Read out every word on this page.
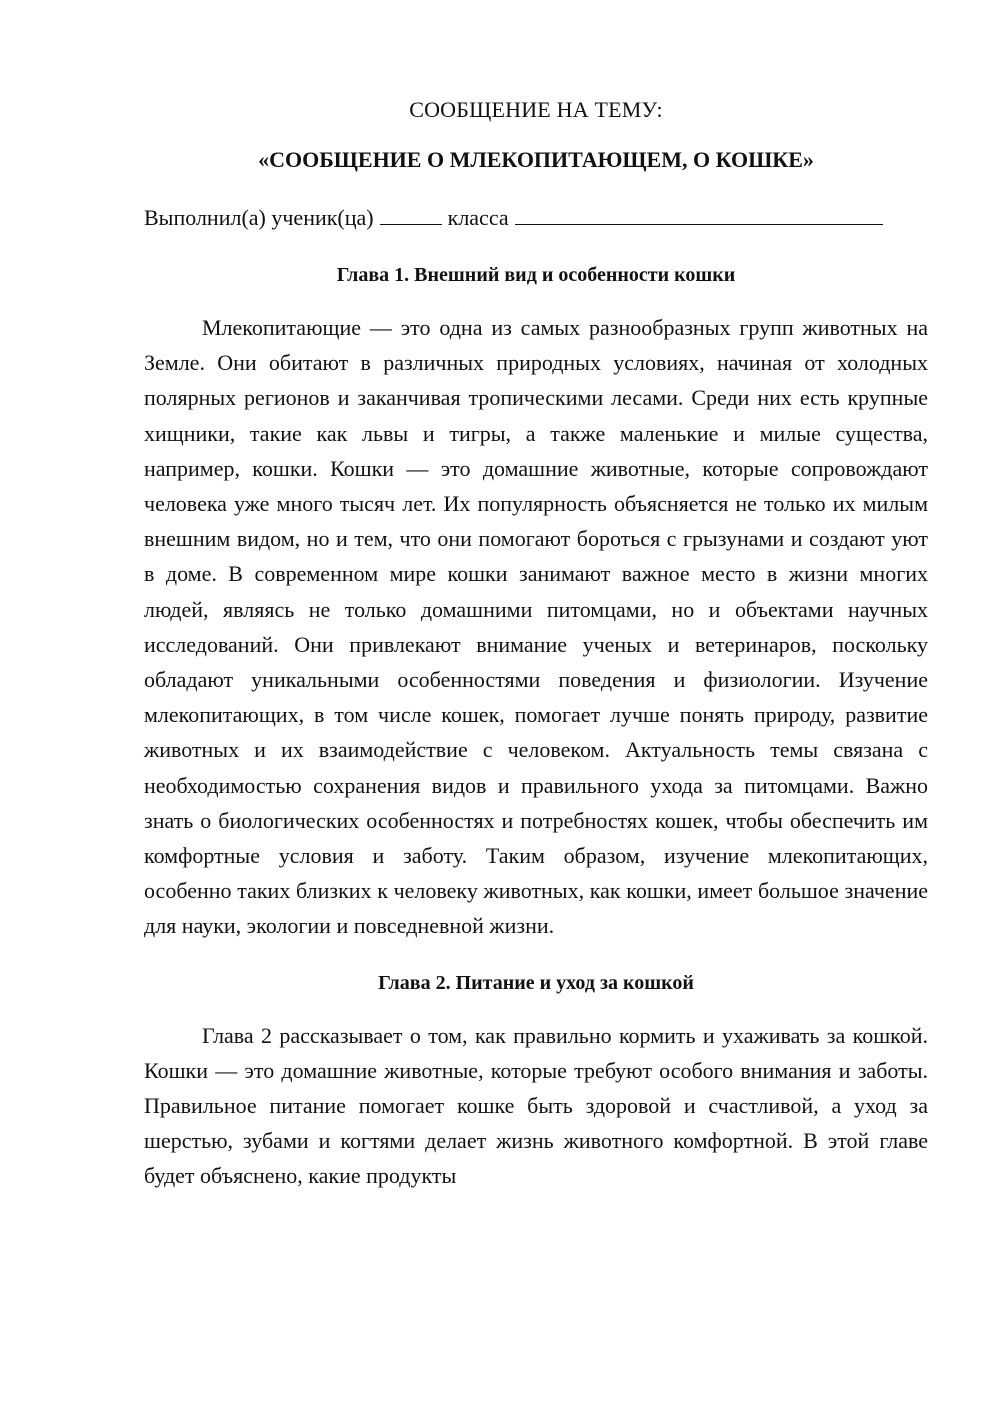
СООБЩЕНИЕ НА ТЕМУ:
«СООБЩЕНИЕ О МЛЕКОПИТАЮЩЕМ, О КОШКЕ»
Выполнил(а) ученик(ца)	класса
Глава 1. Внешний вид и особенности кошки

Млекопитающие — это одна из самых разнообразных групп животных на Земле. Они обитают в различных природных условиях, начиная от холодных полярных регионов и заканчивая тропическими лесами. Среди них есть крупные хищники, такие как львы и тигры, а также маленькие и милые существа, например, кошки. Кошки — это домашние животные, которые сопровождают человека уже много тысяч лет. Их популярность объясняется не только их милым внешним видом, но и тем, что они помогают бороться с грызунами и создают уют в доме. В современном мире кошки занимают важное место в жизни многих людей, являясь не только домашними питомцами, но и объектами научных исследований. Они привлекают внимание ученых и ветеринаров, поскольку обладают уникальными особенностями поведения и физиологии. Изучение млекопитающих, в том числе кошек, помогает лучше понять природу, развитие животных и их взаимодействие с человеком. Актуальность темы связана с необходимостью сохранения видов и правильного ухода за питомцами. Важно знать о биологических особенностях и потребностях кошек, чтобы обеспечить им комфортные условия и заботу. Таким образом, изучение млекопитающих, особенно таких близких к человеку животных, как кошки, имеет большое значение для науки, экологии и повседневной жизни.

Глава 2. Питание и уход за кошкой

Глава 2 рассказывает о том, как правильно кормить и ухаживать за кошкой. Кошки — это домашние животные, которые требуют особого внимания и заботы. Правильное питание помогает кошке быть здоровой и счастливой, а уход за шерстью, зубами и когтями делает жизнь животного комфортной. В этой главе будет объяснено, какие продукты
